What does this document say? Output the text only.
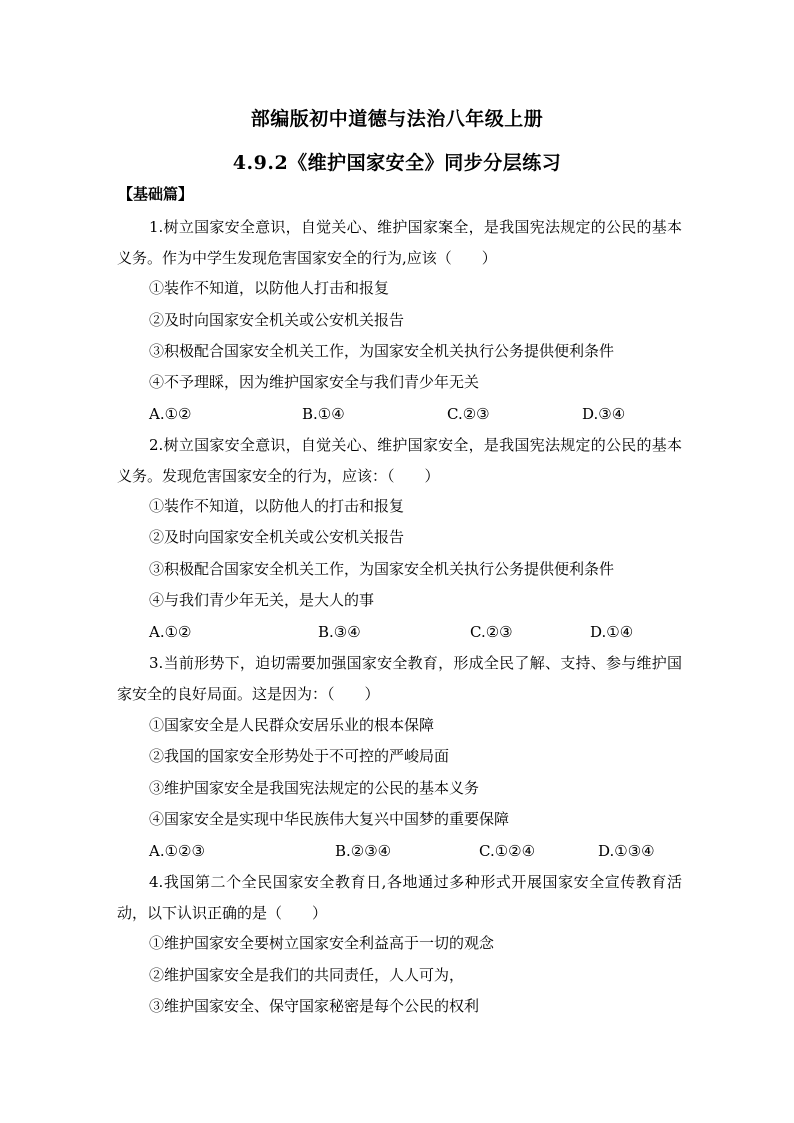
部编版初中道德与法治八年级上册
4.9.2《维护国家安全》同步分层练习
【基础篇】
1.树立国家安全意识，自觉关心、维护国家案全，是我国宪法规定的公民的基本义务。作为中学生发现危害国家安全的行为,应该（　　）
①装作不知道，以防他人打击和报复
②及时向国家安全机关或公安机关报告
③积极配合国家安全机关工作，为国家安全机关执行公务提供便利条件
④不予理睬，因为维护国家安全与我们青少年无关
A.①②	B.①④	C.②③	D.③④
2.树立国家安全意识，自觉关心、维护国家安全，是我国宪法规定的公民的基本义务。发现危害国家安全的行为，应该：（　　）
①装作不知道，以防他人的打击和报复
②及时向国家安全机关或公安机关报告
③积极配合国家安全机关工作，为国家安全机关执行公务提供便利条件
④与我们青少年无关，是大人的事
A.①②	B.③④	C.②③	D.①④
3.当前形势下，迫切需要加强国家安全教育，形成全民了解、支持、参与维护国家安全的良好局面。这是因为：（　　）
①国家安全是人民群众安居乐业的根本保障
②我国的国家安全形势处于不可控的严峻局面
③维护国家安全是我国宪法规定的公民的基本义务
④国家安全是实现中华民族伟大复兴中国梦的重要保障
A.①②③	B.②③④	C.①②④	D.①③④
4.我国第二个全民国家安全教育日,各地通过多种形式开展国家安全宣传教育活动，以下认识正确的是（　　）
①维护国家安全要树立国家安全利益高于一切的观念
②维护国家安全是我们的共同责任，人人可为，
③维护国家安全、保守国家秘密是每个公民的权利
